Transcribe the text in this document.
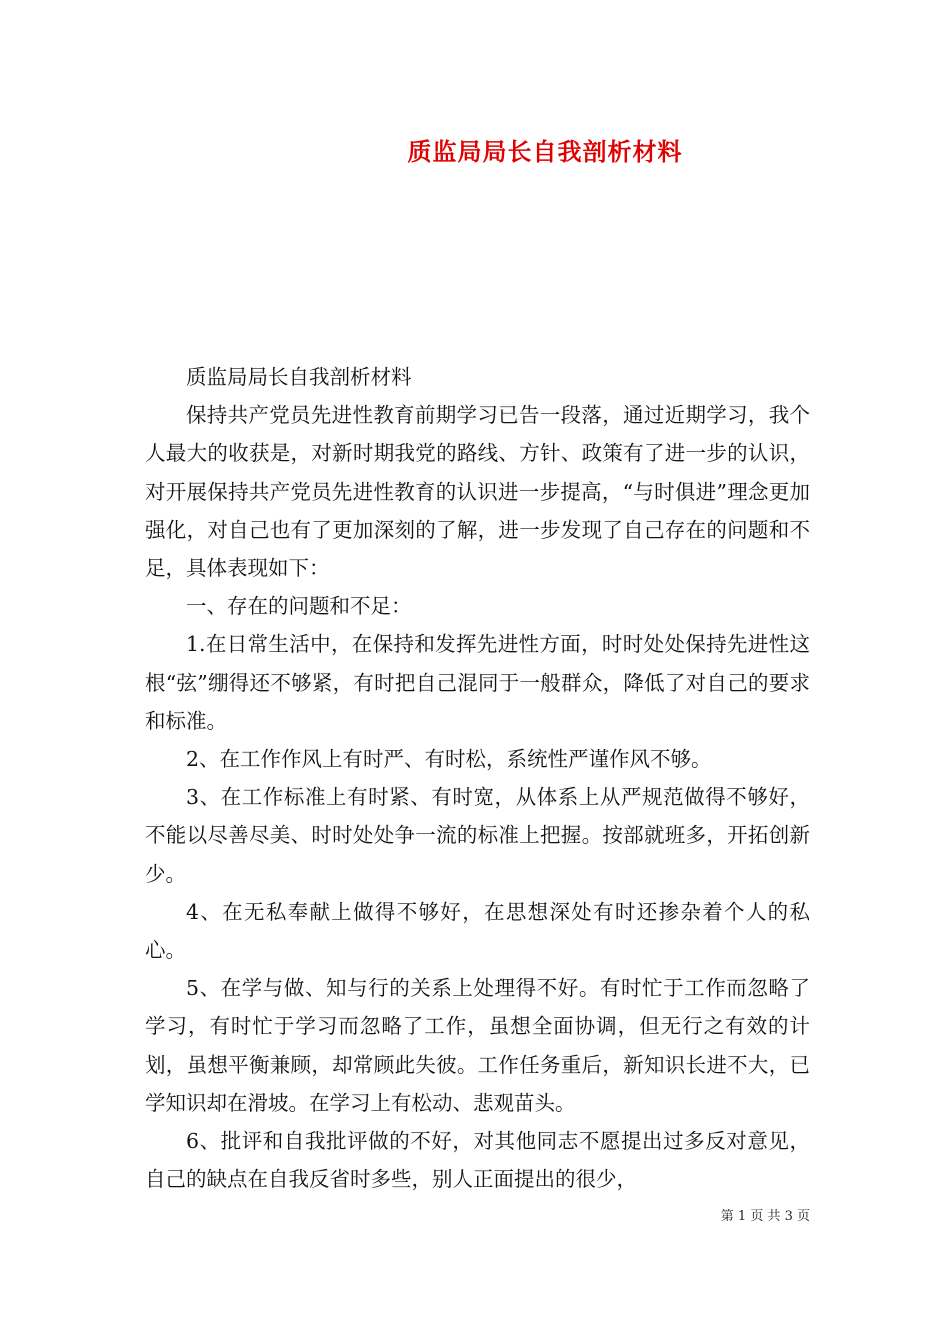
质监局局长自我剖析材料

质监局局长自我剖析材料

保持共产党员先进性教育前期学习已告一段落，通过近期学习，我个人最大的收获是，对新时期我党的路线、方针、政策有了进一步的认识，对开展保持共产党员先进性教育的认识进一步提高，“与时俱进”理念更加强化，对自己也有了更加深刻的了解，进一步发现了自己存在的问题和不足，具体表现如下：

一、存在的问题和不足：

1.在日常生活中，在保持和发挥先进性方面，时时处处保持先进性这根“弦”绷得还不够紧，有时把自己混同于一般群众，降低了对自己的要求和标准。

2、在工作作风上有时严、有时松，系统性严谨作风不够。

3、在工作标准上有时紧、有时宽，从体系上从严规范做得不够好，不能以尽善尽美、时时处处争一流的标准上把握。按部就班多，开拓创新少。

4、在无私奉献上做得不够好，在思想深处有时还掺杂着个人的私心。

5、在学与做、知与行的关系上处理得不好。有时忙于工作而忽略了学习，有时忙于学习而忽略了工作，虽想全面协调，但无行之有效的计划，虽想平衡兼顾，却常顾此失彼。工作任务重后，新知识长进不大，已学知识却在滑坡。在学习上有松动、悲观苗头。

6、批评和自我批评做的不好，对其他同志不愿提出过多反对意见，自己的缺点在自我反省时多些，别人正面提出的很少，

第 1 页 共 3 页
